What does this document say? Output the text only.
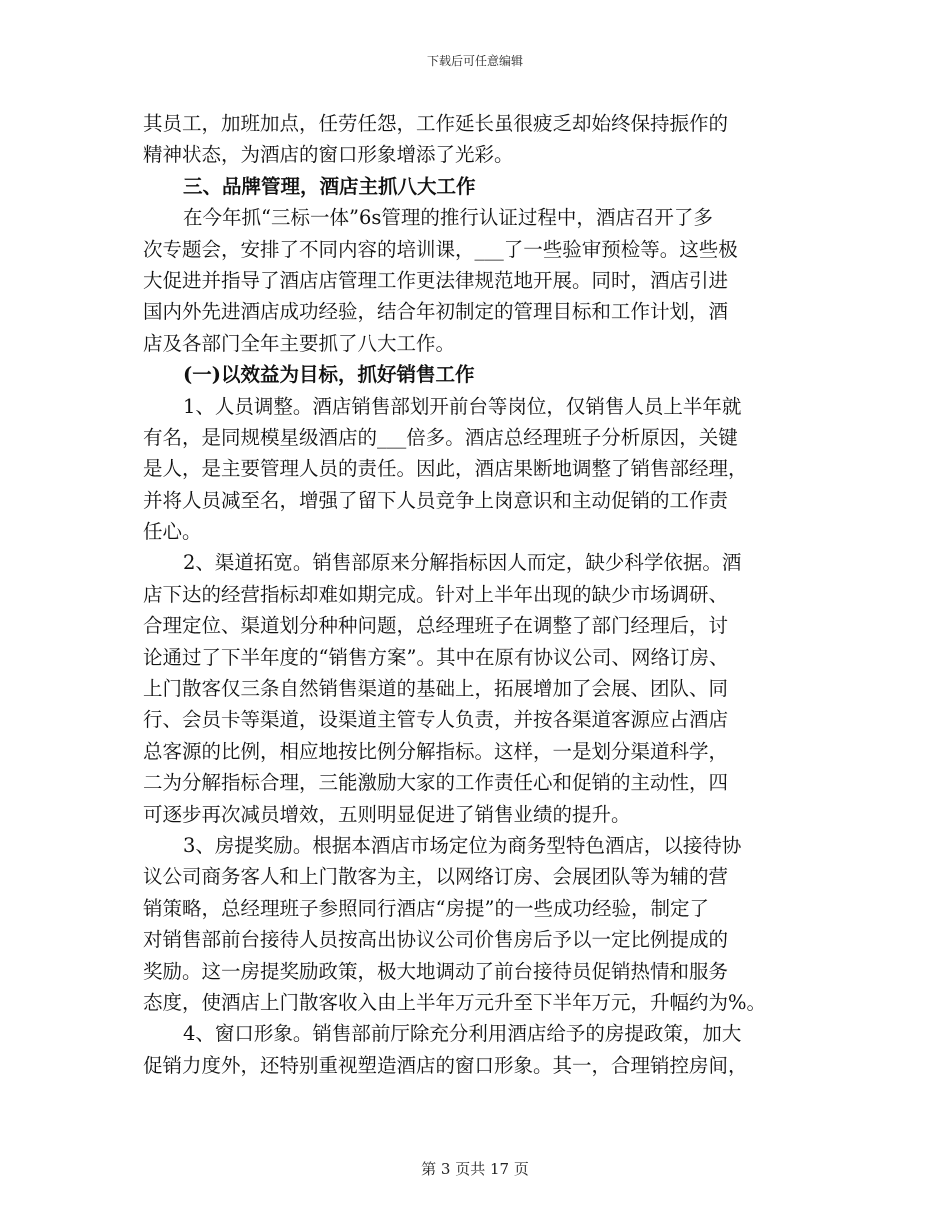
下载后可任意编辑
其员工，加班加点，任劳任怨，工作延长虽很疲乏却始终保持振作的
精神状态，为酒店的窗口形象增添了光彩。
三、品牌管理，酒店主抓八大工作
在今年抓“三标一体”6s管理的推行认证过程中，酒店召开了多
次专题会，安排了不同内容的培训课，___了一些验审预检等。这些极
大促进并指导了酒店店管理工作更法律规范地开展。同时，酒店引进
国内外先进酒店成功经验，结合年初制定的管理目标和工作计划，酒
店及各部门全年主要抓了八大工作。
(一)以效益为目标，抓好销售工作
1、人员调整。酒店销售部划开前台等岗位，仅销售人员上半年就
有名，是同规模星级酒店的___倍多。酒店总经理班子分析原因，关键
是人，是主要管理人员的责任。因此，酒店果断地调整了销售部经理，
并将人员减至名，增强了留下人员竞争上岗意识和主动促销的工作责
任心。
2、渠道拓宽。销售部原来分解指标因人而定，缺少科学依据。酒
店下达的经营指标却难如期完成。针对上半年出现的缺少市场调研、
合理定位、渠道划分种种问题，总经理班子在调整了部门经理后，讨
论通过了下半年度的“销售方案”。其中在原有协议公司、网络订房、
上门散客仅三条自然销售渠道的基础上，拓展增加了会展、团队、同
行、会员卡等渠道，设渠道主管专人负责，并按各渠道客源应占酒店
总客源的比例，相应地按比例分解指标。这样，一是划分渠道科学，
二为分解指标合理，三能激励大家的工作责任心和促销的主动性，四
可逐步再次减员增效，五则明显促进了销售业绩的提升。
3、房提奖励。根据本酒店市场定位为商务型特色酒店，以接待协
议公司商务客人和上门散客为主，以网络订房、会展团队等为辅的营
销策略，总经理班子参照同行酒店“房提”的一些成功经验，制定了
对销售部前台接待人员按高出协议公司价售房后予以一定比例提成的
奖励。这一房提奖励政策，极大地调动了前台接待员促销热情和服务
态度，使酒店上门散客收入由上半年万元升至下半年万元，升幅约为%。
4、窗口形象。销售部前厅除充分利用酒店给予的房提政策，加大
促销力度外，还特别重视塑造酒店的窗口形象。其一，合理销控房间，
第 3 页共 17 页
